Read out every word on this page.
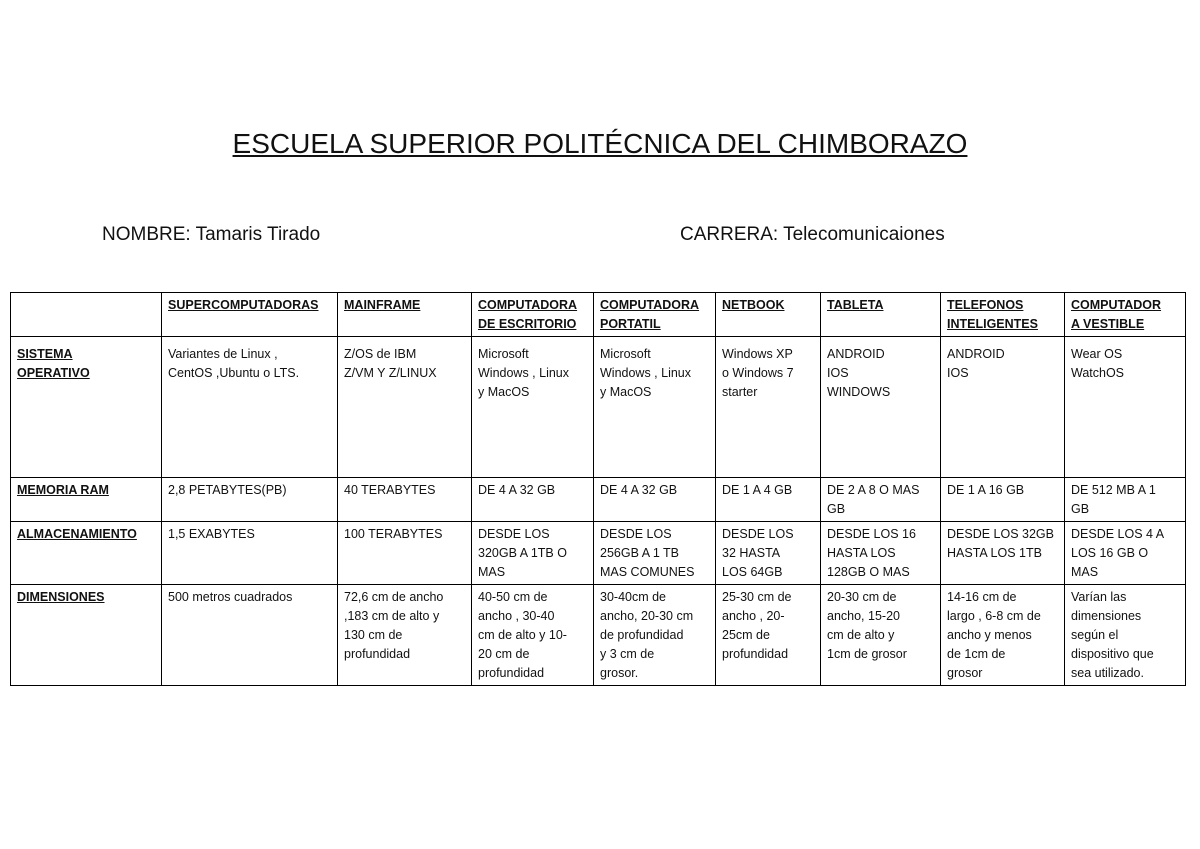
ESCUELA SUPERIOR POLITÉCNICA DEL CHIMBORAZO
NOMBRE: Tamaris Tirado	CARRERA: Telecomunicaiones
	SUPERCOMPUTADORAS	MAINFRAME	COMPUTADORA
DE ESCRITORIO	COMPUTADORA
PORTATIL	NETBOOK	TABLETA	TELEFONOS
INTELIGENTES	COMPUTADOR
A VESTIBLE
SISTEMA
OPERATIVO	Variantes de Linux ,
CentOS ,Ubuntu o LTS.	Z/OS de IBM
Z/VM Y Z/LINUX	Microsoft
Windows , Linux
y MacOS	Microsoft
Windows , Linux
y MacOS	Windows XP
o Windows 7
starter	ANDROID
IOS
WINDOWS	ANDROID
IOS	Wear OS
WatchOS
MEMORIA RAM	2,8 PETABYTES(PB)	40 TERABYTES	DE 4 A 32 GB	DE 4 A 32 GB	DE 1 A 4 GB	DE 2 A 8 O MAS
GB	DE 1 A 16 GB	DE 512 MB A 1
GB
ALMACENAMIENTO	1,5 EXABYTES	100 TERABYTES	DESDE LOS
320GB A 1TB O
MAS	DESDE LOS
256GB A 1 TB
MAS COMUNES	DESDE LOS
32 HASTA
LOS 64GB	DESDE LOS 16
HASTA LOS
128GB O MAS	DESDE LOS 32GB
HASTA LOS 1TB	DESDE LOS 4 A
LOS 16 GB O
MAS
DIMENSIONES	500 metros cuadrados	72,6 cm de ancho
,183 cm de alto y
130 cm de
profundidad	40-50 cm de
ancho , 30-40
cm de alto y 10-
20 cm de
profundidad	30-40cm de
ancho, 20-30 cm
de profundidad
y 3 cm de
grosor.	25-30 cm de
ancho , 20-
25cm de
profundidad	20-30 cm de
ancho, 15-20
cm de alto y
1cm de grosor	14-16 cm de
largo , 6-8 cm de
ancho y menos
de 1cm de
grosor	Varían las
dimensiones
según el
dispositivo que
sea utilizado.
